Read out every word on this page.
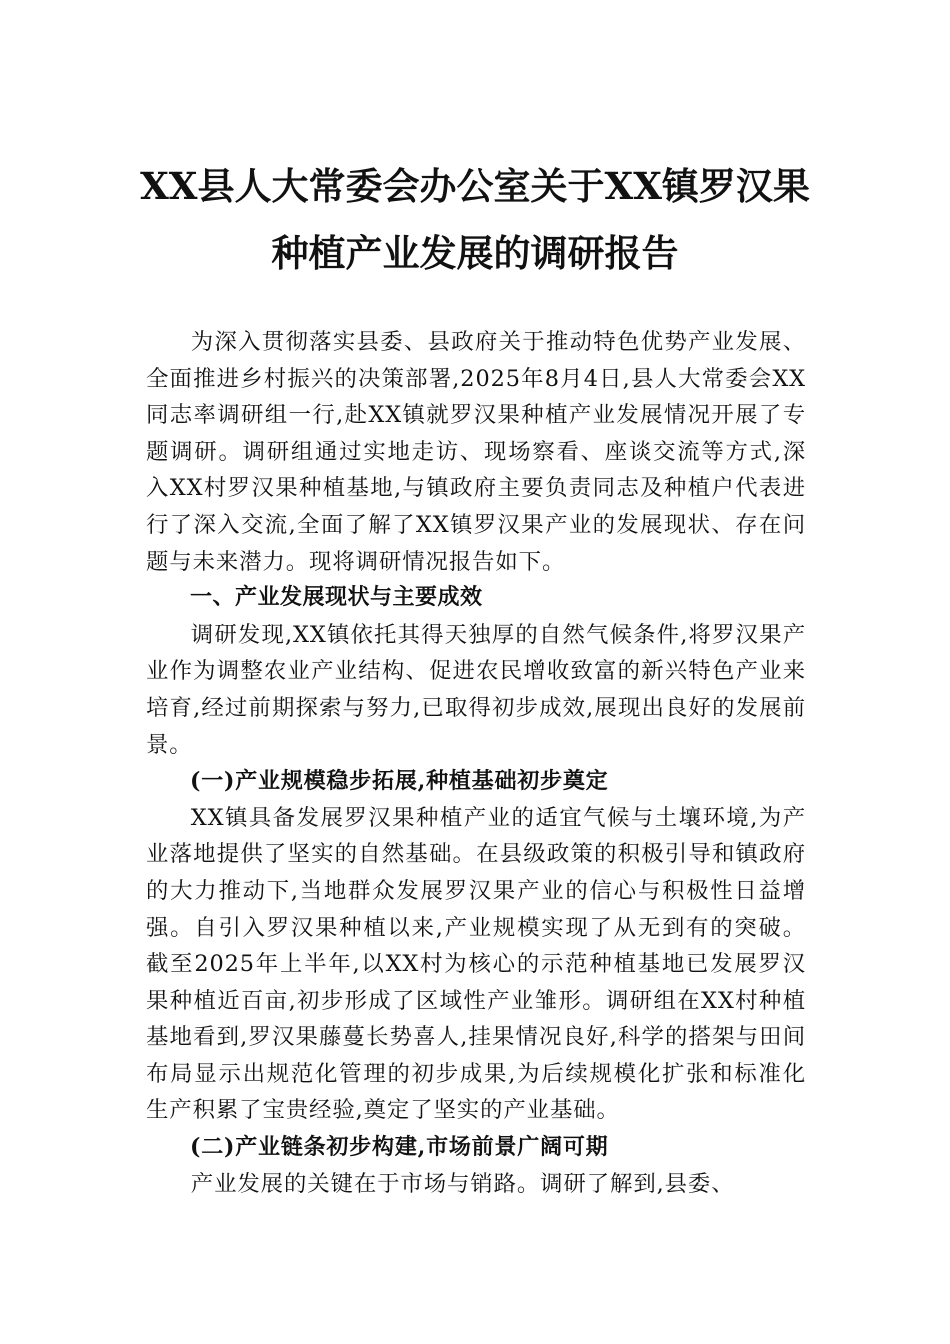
XX县人大常委会办公室关于XX镇罗汉果
种植产业发展的调研报告

为深入贯彻落实县委、县政府关于推动特色优势产业发展、全面推进乡村振兴的决策部署,2025年8月4日,县人大常委会XX同志率调研组一行,赴XX镇就罗汉果种植产业发展情况开展了专题调研。调研组通过实地走访、现场察看、座谈交流等方式,深入XX村罗汉果种植基地,与镇政府主要负责同志及种植户代表进行了深入交流,全面了解了XX镇罗汉果产业的发展现状、存在问题与未来潜力。现将调研情况报告如下。

一、产业发展现状与主要成效

调研发现,XX镇依托其得天独厚的自然气候条件,将罗汉果产业作为调整农业产业结构、促进农民增收致富的新兴特色产业来培育,经过前期探索与努力,已取得初步成效,展现出良好的发展前景。

(一)产业规模稳步拓展,种植基础初步奠定

XX镇具备发展罗汉果种植产业的适宜气候与土壤环境,为产业落地提供了坚实的自然基础。在县级政策的积极引导和镇政府的大力推动下,当地群众发展罗汉果产业的信心与积极性日益增强。自引入罗汉果种植以来,产业规模实现了从无到有的突破。截至2025年上半年,以XX村为核心的示范种植基地已发展罗汉果种植近百亩,初步形成了区域性产业雏形。调研组在XX村种植基地看到,罗汉果藤蔓长势喜人,挂果情况良好,科学的搭架与田间布局显示出规范化管理的初步成果,为后续规模化扩张和标准化生产积累了宝贵经验,奠定了坚实的产业基础。

(二)产业链条初步构建,市场前景广阔可期

产业发展的关键在于市场与销路。调研了解到,县委、
